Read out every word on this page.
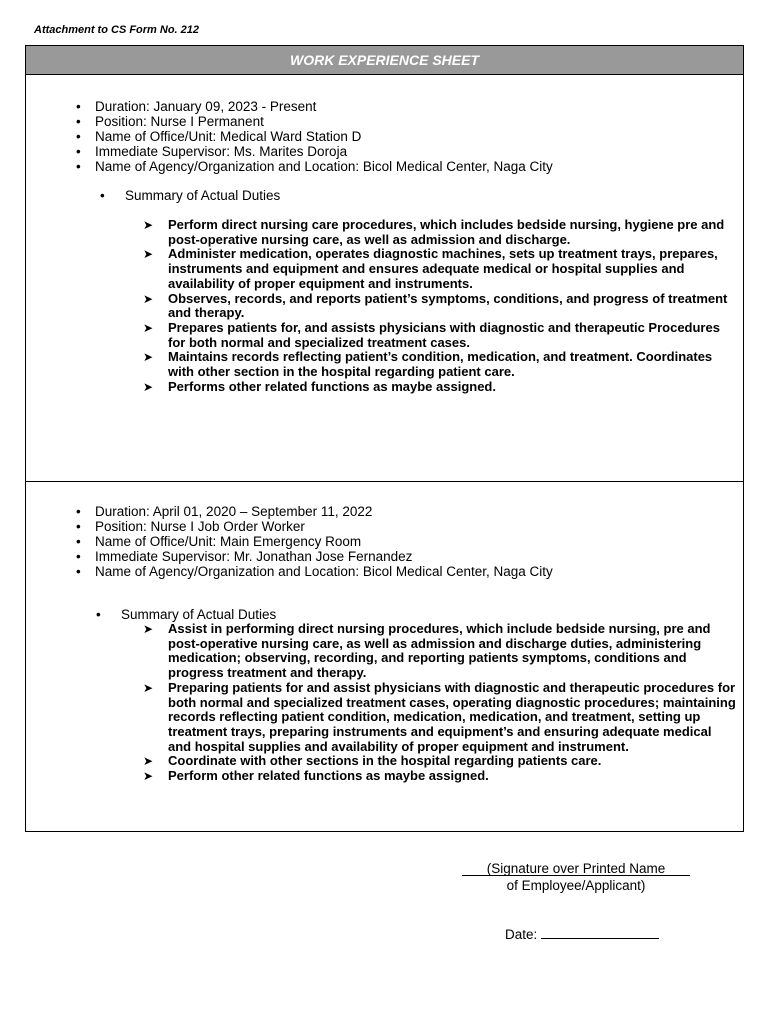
Attachment to CS Form No. 212
WORK EXPERIENCE SHEET
• Duration: January 09, 2023 - Present
• Position: Nurse I Permanent
• Name of Office/Unit: Medical Ward Station D
• Immediate Supervisor: Ms. Marites Doroja
• Name of Agency/Organization and Location: Bicol Medical Center, Naga City
• Summary of Actual Duties
➤ Perform direct nursing care procedures, which includes bedside nursing, hygiene pre and post-operative nursing care, as well as admission and discharge.
➤ Administer medication, operates diagnostic machines, sets up treatment trays, prepares, instruments and equipment and ensures adequate medical or hospital supplies and availability of proper equipment and instruments.
➤ Observes, records, and reports patient’s symptoms, conditions, and progress of treatment and therapy.
➤ Prepares patients for, and assists physicians with diagnostic and therapeutic Procedures for both normal and specialized treatment cases.
➤ Maintains records reflecting patient’s condition, medication, and treatment. Coordinates with other section in the hospital regarding patient care.
➤ Performs other related functions as maybe assigned.
• Duration: April 01, 2020 – September 11, 2022
• Position: Nurse I Job Order Worker
• Name of Office/Unit: Main Emergency Room
• Immediate Supervisor: Mr. Jonathan Jose Fernandez
• Name of Agency/Organization and Location: Bicol Medical Center, Naga City
• Summary of Actual Duties
➤ Assist in performing direct nursing procedures, which include bedside nursing, pre and post-operative nursing care, as well as admission and discharge duties, administering medication; observing, recording, and reporting patients symptoms, conditions and progress treatment and therapy.
➤ Preparing patients for and assist physicians with diagnostic and therapeutic procedures for both normal and specialized treatment cases, operating diagnostic procedures; maintaining records reflecting patient condition, medication, medication, and treatment, setting up treatment trays, preparing instruments and equipment’s and ensuring adequate medical and hospital supplies and availability of proper equipment and instrument.
➤ Coordinate with other sections in the hospital regarding patients care.
➤ Perform other related functions as maybe assigned.
(Signature over Printed Name
of Employee/Applicant)
Date:
